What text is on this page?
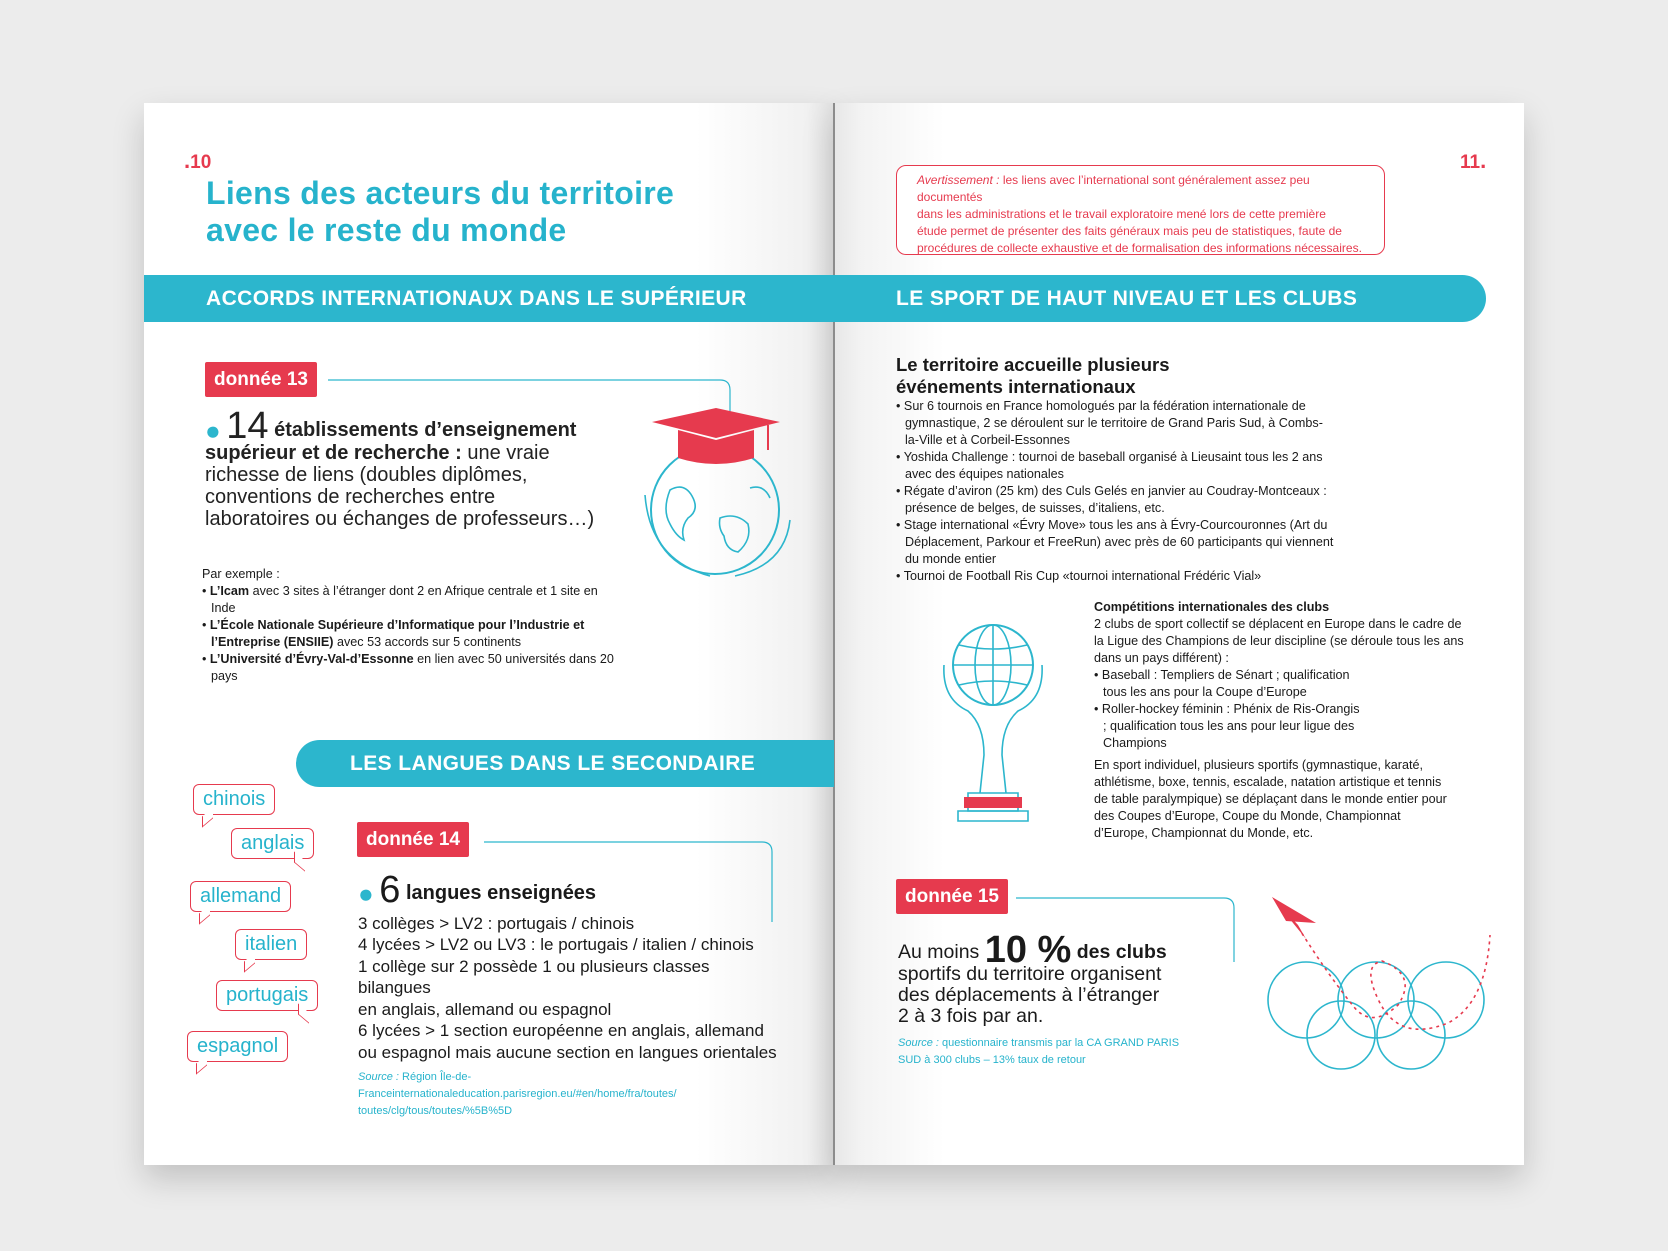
.10
Liens des acteurs du territoire
avec le reste du monde
ACCORDS INTERNATIONAUX DANS LE SUPÉRIEUR
donnée 13
● 14 établissements d’enseignement
supérieur et de recherche : une vraie
richesse de liens (doubles diplômes,
conventions de recherches entre
laboratoires ou échanges de professeurs…)
Par exemple :
• L’Icam avec 3 sites à l’étranger dont 2 en Afrique centrale et 1 site en Inde
• L’École Nationale Supérieure d’Informatique pour l’Industrie et l’Entreprise (ENSIIE) avec 53 accords sur 5 continents
• L’Université d’Évry-Val-d’Essonne en lien avec 50 universités dans 20 pays
LES LANGUES DANS LE SECONDAIRE
chinois
anglais
allemand
italien
portugais
espagnol
donnée 14
● 6 langues enseignées
3 collèges > LV2 : portugais / chinois
4 lycées > LV2 ou LV3 : le portugais / italien / chinois
1 collège sur 2 possède 1 ou plusieurs classes bilangues
en anglais, allemand ou espagnol
6 lycées > 1 section européenne en anglais, allemand
ou espagnol mais aucune section en langues orientales
Source : Région Île-de-Franceinternationaleducation.parisregion.eu/#en/home/fra/toutes/
toutes/clg/tous/toutes/%5B%5D
11.
Avertissement : les liens avec l’international sont généralement assez peu documentés
dans les administrations et le travail exploratoire mené lors de cette première
étude permet de présenter des faits généraux mais peu de statistiques, faute de
procédures de collecte exhaustive et de formalisation des informations nécessaires.
LE SPORT DE HAUT NIVEAU ET LES CLUBS
Le territoire accueille plusieurs
événements internationaux
• Sur 6 tournois en France homologués par la fédération internationale de gymnastique, 2 se déroulent sur le territoire de Grand Paris Sud, à Combs-la-Ville et à Corbeil-Essonnes
• Yoshida Challenge : tournoi de baseball organisé à Lieusaint tous les 2 ans avec des équipes nationales
• Régate d’aviron (25 km) des Culs Gelés en janvier au Coudray-Montceaux : présence de belges, de suisses, d’italiens, etc.
• Stage international «Évry Move» tous les ans à Évry-Courcouronnes (Art du Déplacement, Parkour et FreeRun) avec près de 60 participants qui viennent du monde entier
• Tournoi de Football Ris Cup «tournoi international Frédéric Vial»
Compétitions internationales des clubs
2 clubs de sport collectif se déplacent en Europe dans le cadre de la Ligue des Champions de leur discipline (se déroule tous les ans dans un pays différent) :
• Baseball : Templiers de Sénart ; qualification tous les ans pour la Coupe d’Europe
• Roller-hockey féminin : Phénix de Ris-Orangis ; qualification tous les ans pour leur ligue des Champions
En sport individuel, plusieurs sportifs (gymnastique, karaté, athlétisme, boxe, tennis, escalade, natation artistique et tennis de table paralympique) se déplaçant dans le monde entier pour des Coupes d’Europe, Coupe du Monde, Championnat d’Europe, Championnat du Monde, etc.
donnée 15
Au moins 10 % des clubs
sportifs du territoire organisent
des déplacements à l’étranger
2 à 3 fois par an.
Source : questionnaire transmis par la CA GRAND PARIS
SUD à 300 clubs – 13% taux de retour
